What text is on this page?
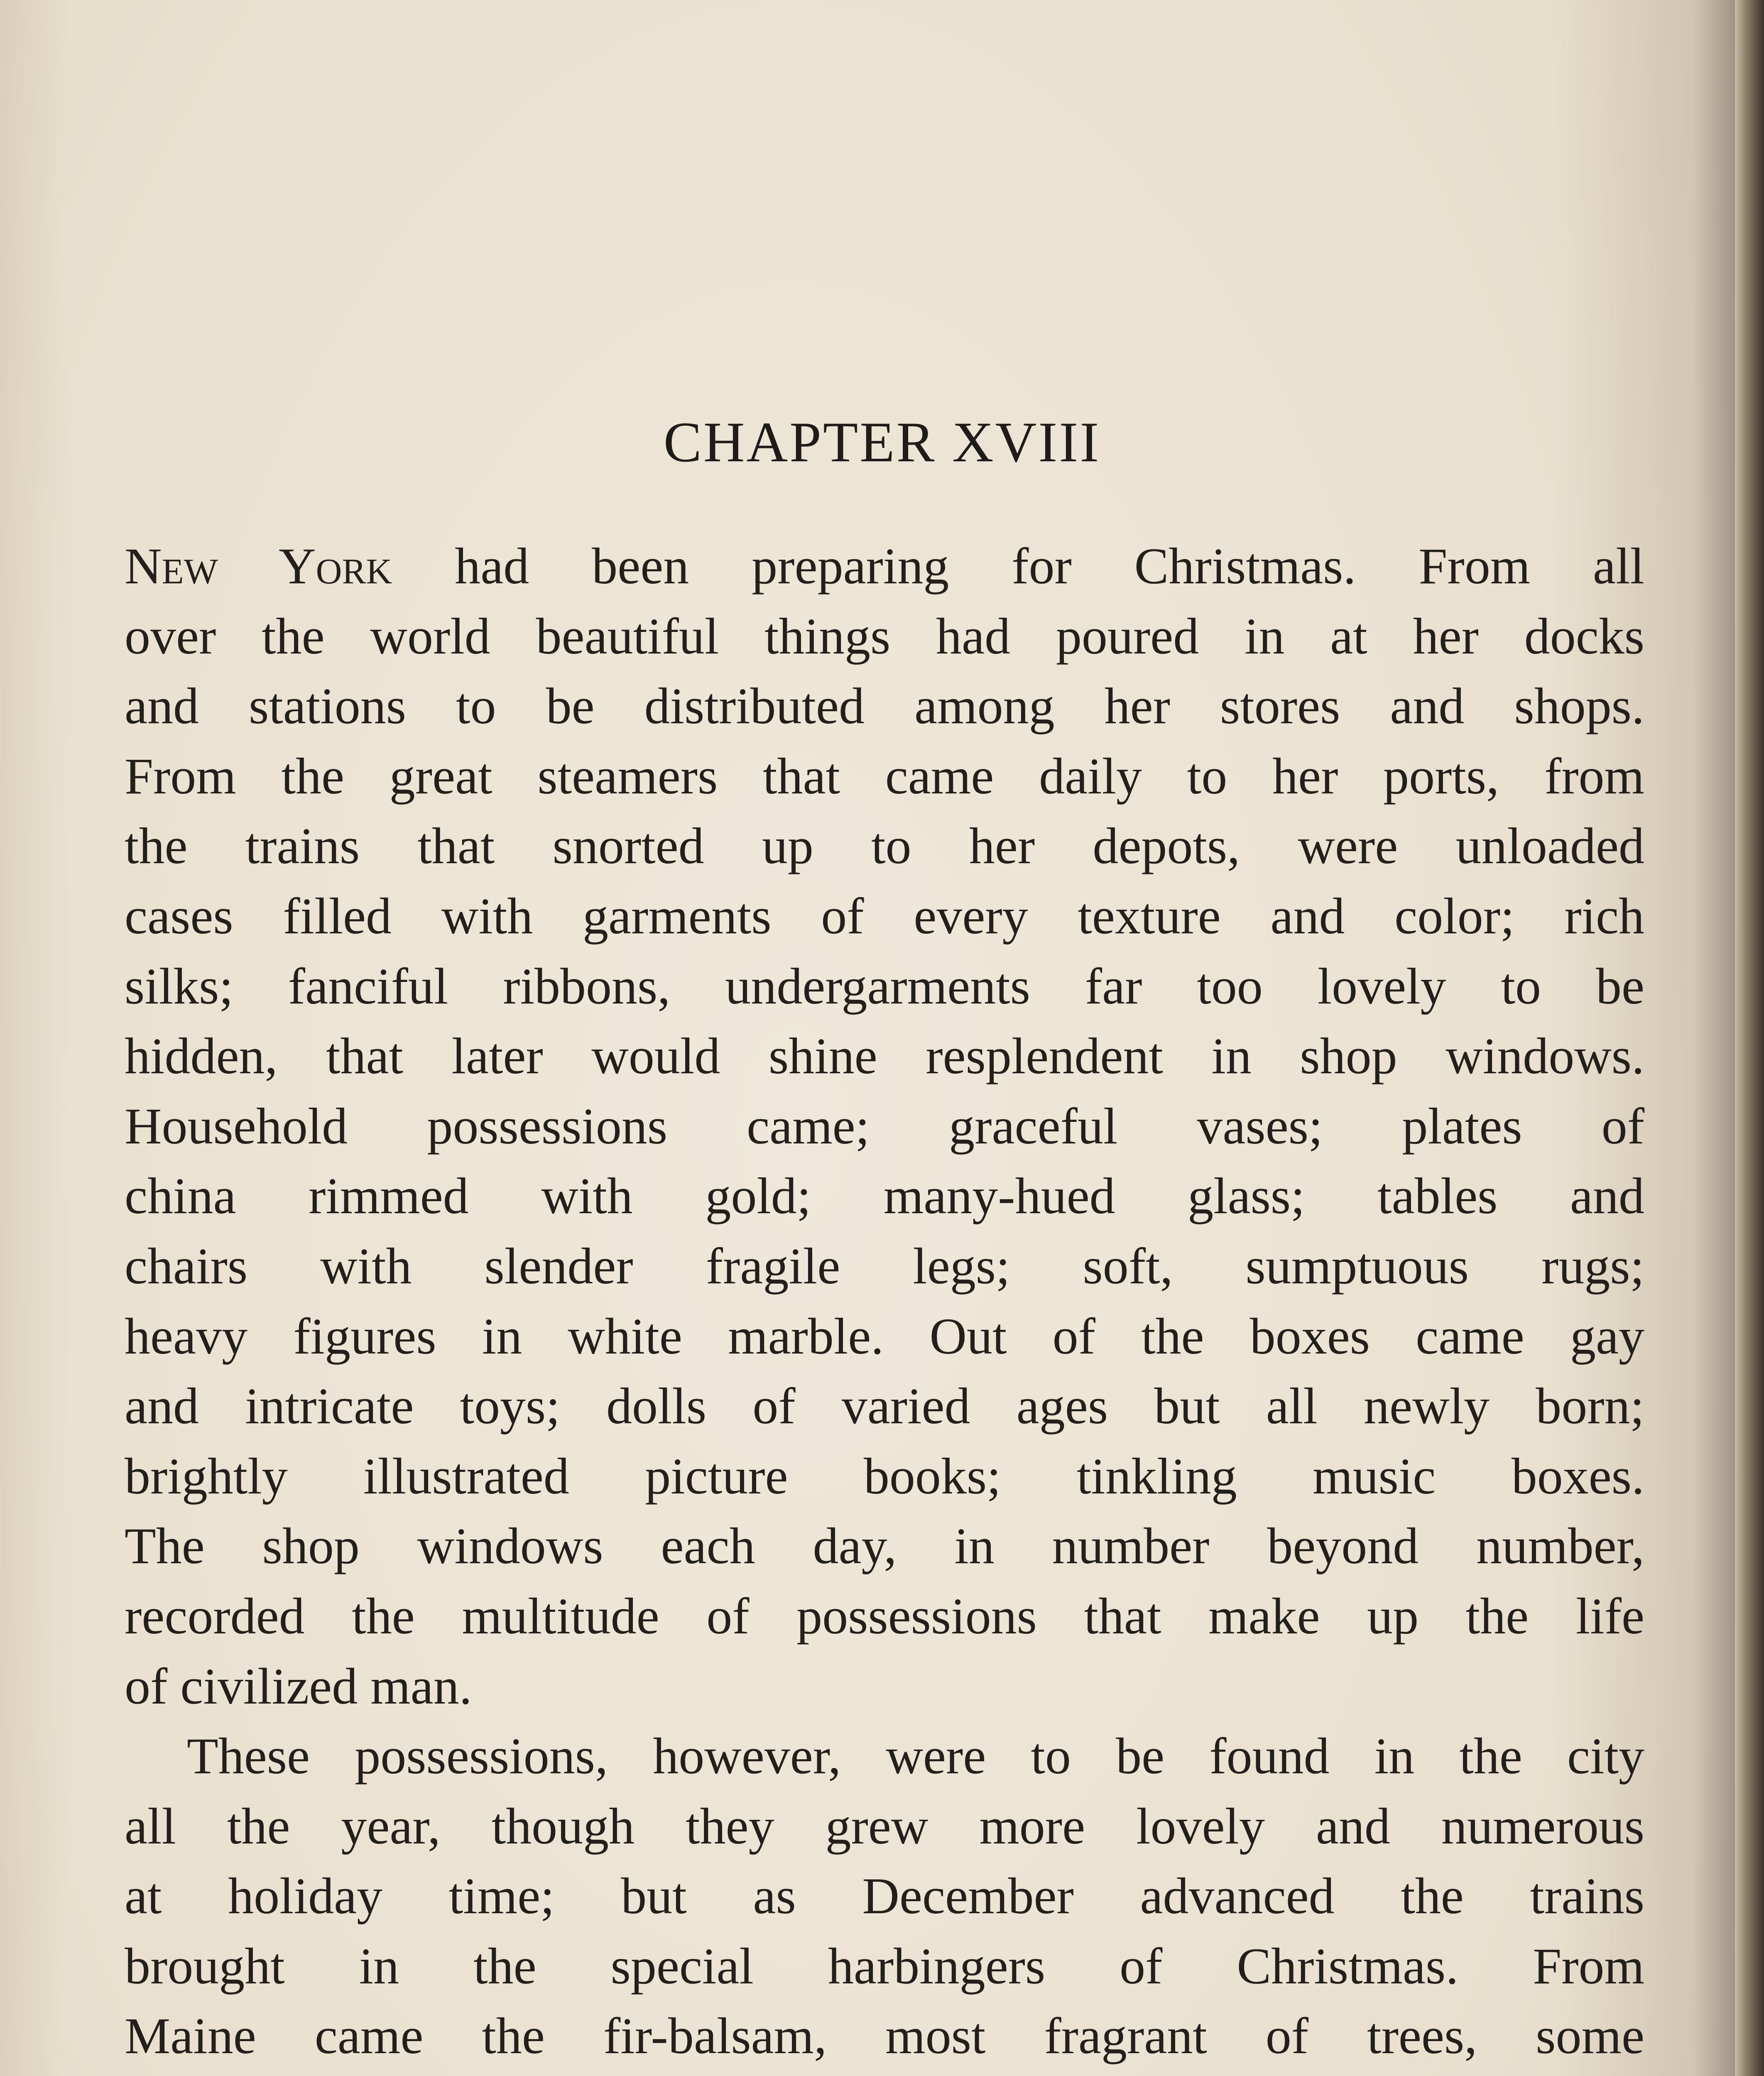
CHAPTER XVIII
New York had been preparing for Christmas. From all
over the world beautiful things had poured in at her docks
and stations to be distributed among her stores and shops.
From the great steamers that came daily to her ports, from
the trains that snorted up to her depots, were unloaded
cases filled with garments of every texture and color; rich
silks; fanciful ribbons, undergarments far too lovely to be
hidden, that later would shine resplendent in shop windows.
Household possessions came; graceful vases; plates of
china rimmed with gold; many-hued glass; tables and
chairs with slender fragile legs; soft, sumptuous rugs;
heavy figures in white marble. Out of the boxes came gay
and intricate toys; dolls of varied ages but all newly born;
brightly illustrated picture books; tinkling music boxes.
The shop windows each day, in number beyond number,
recorded the multitude of possessions that make up the life
of civilized man.
These possessions, however, were to be found in the city
all the year, though they grew more lovely and numerous
at holiday time; but as December advanced the trains
brought in the special harbingers of Christmas. From
Maine came the fir-balsam, most fragrant of trees, some
